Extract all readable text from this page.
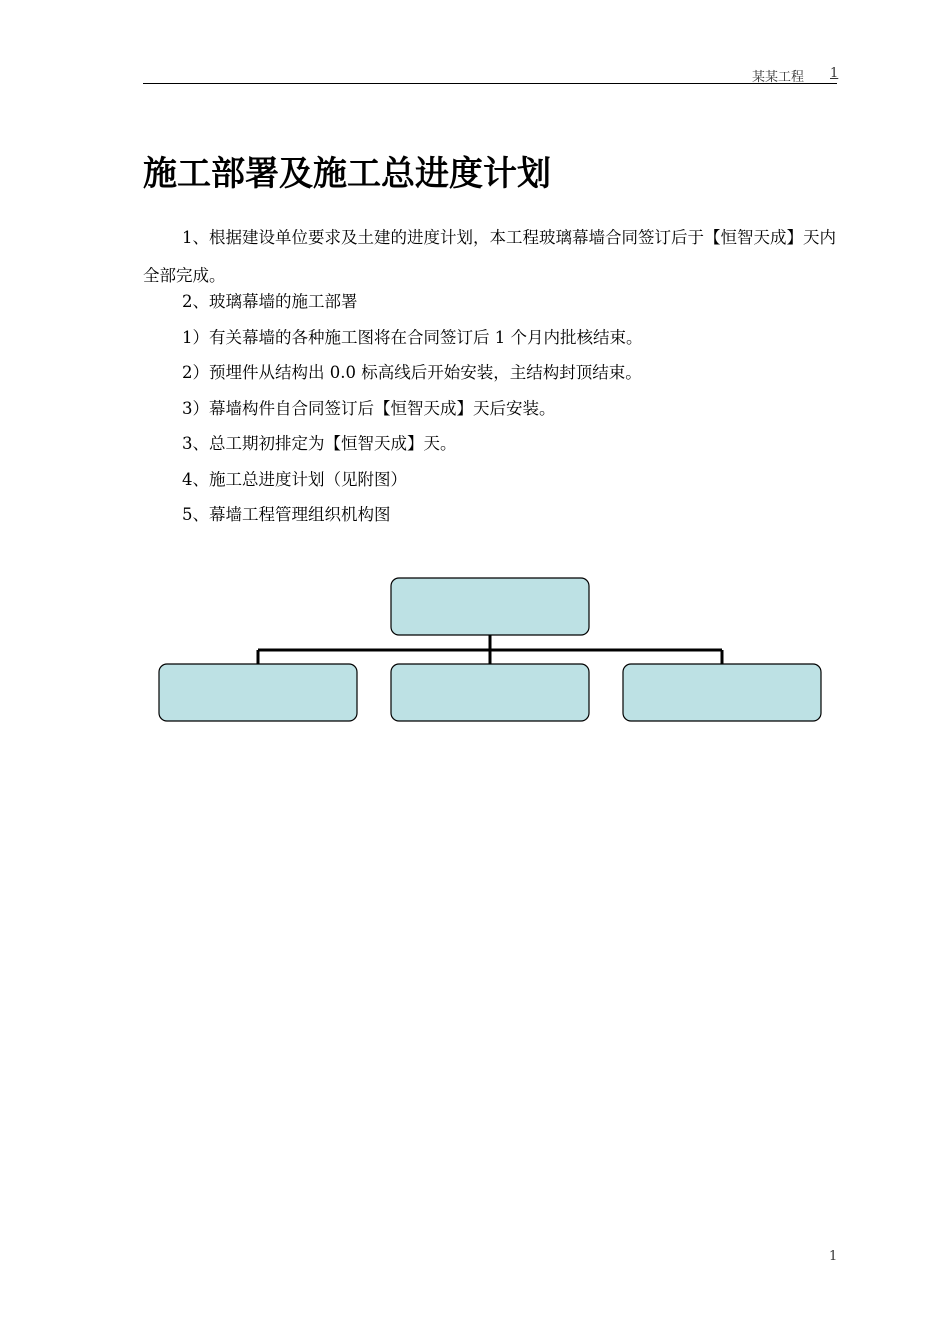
某某工程 1
施工部署及施工总进度计划

1、根据建设单位要求及土建的进度计划，本工程玻璃幕墙合同签订后于【恒智天成】天内全部完成。

2、玻璃幕墙的施工部署

1）有关幕墙的各种施工图将在合同签订后 1 个月内批核结束。

2）预埋件从结构出 0.0 标高线后开始安装，主结构封顶结束。

3）幕墙构件自合同签订后【恒智天成】天后安装。

3、总工期初排定为【恒智天成】天。

4、施工总进度计划（见附图）

5、幕墙工程管理组织机构图

1
